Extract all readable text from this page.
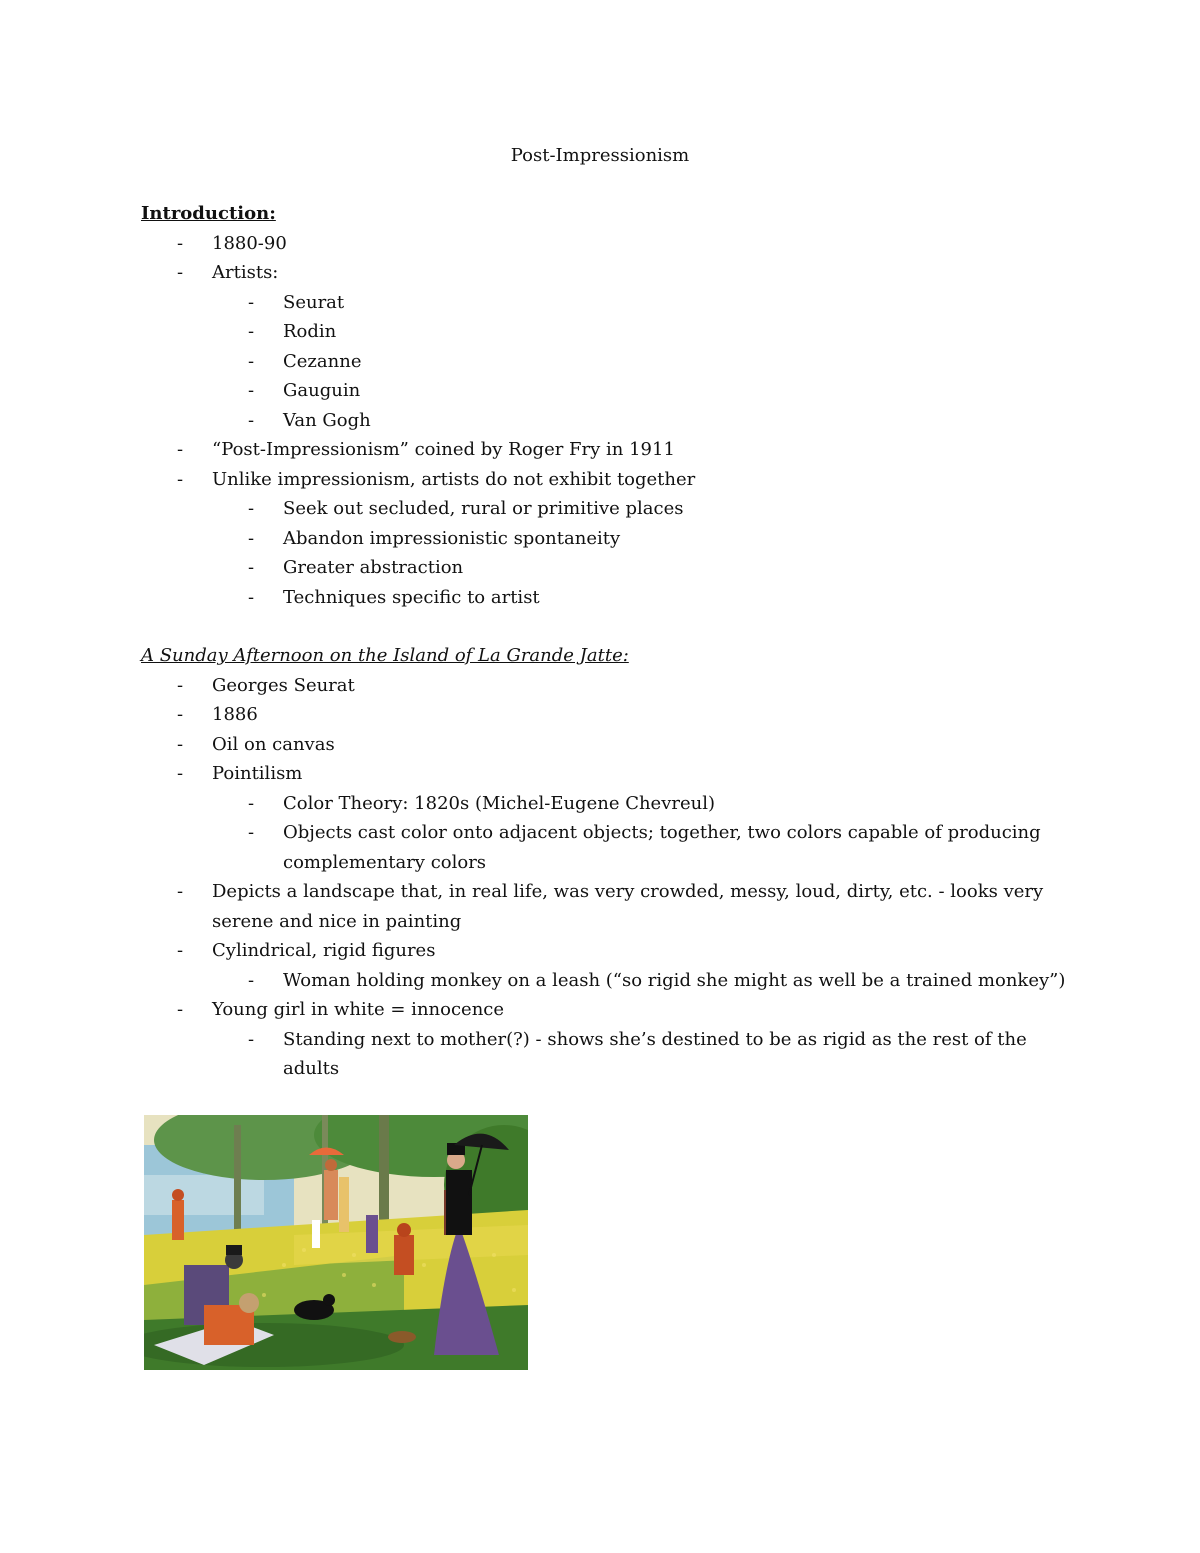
Post-Impressionism
Introduction:
-	1880-90
-	Artists:
-	Seurat
-	Rodin
-	Cezanne
-	Gauguin
-	Van Gogh
-	“Post-Impressionism” coined by Roger Fry in 1911
-	Unlike impressionism, artists do not exhibit together
-	Seek out secluded, rural or primitive places
-	Abandon impressionistic spontaneity
-	Greater abstraction
-	Techniques specific to artist
A Sunday Afternoon on the Island of La Grande Jatte:
-	Georges Seurat
-	1886
-	Oil on canvas
-	Pointilism
-	Color Theory: 1820s (Michel-Eugene Chevreul)
-	Objects cast color onto adjacent objects; together, two colors capable of producing complementary colors
-	Depicts a landscape that, in real life, was very crowded, messy, loud, dirty, etc. - looks very serene and nice in painting
-	Cylindrical, rigid figures
-	Woman holding monkey on a leash (“so rigid she might as well be a trained monkey”)
-	Young girl in white = innocence
-	Standing next to mother(?) - shows she’s destined to be as rigid as the rest of the adults
